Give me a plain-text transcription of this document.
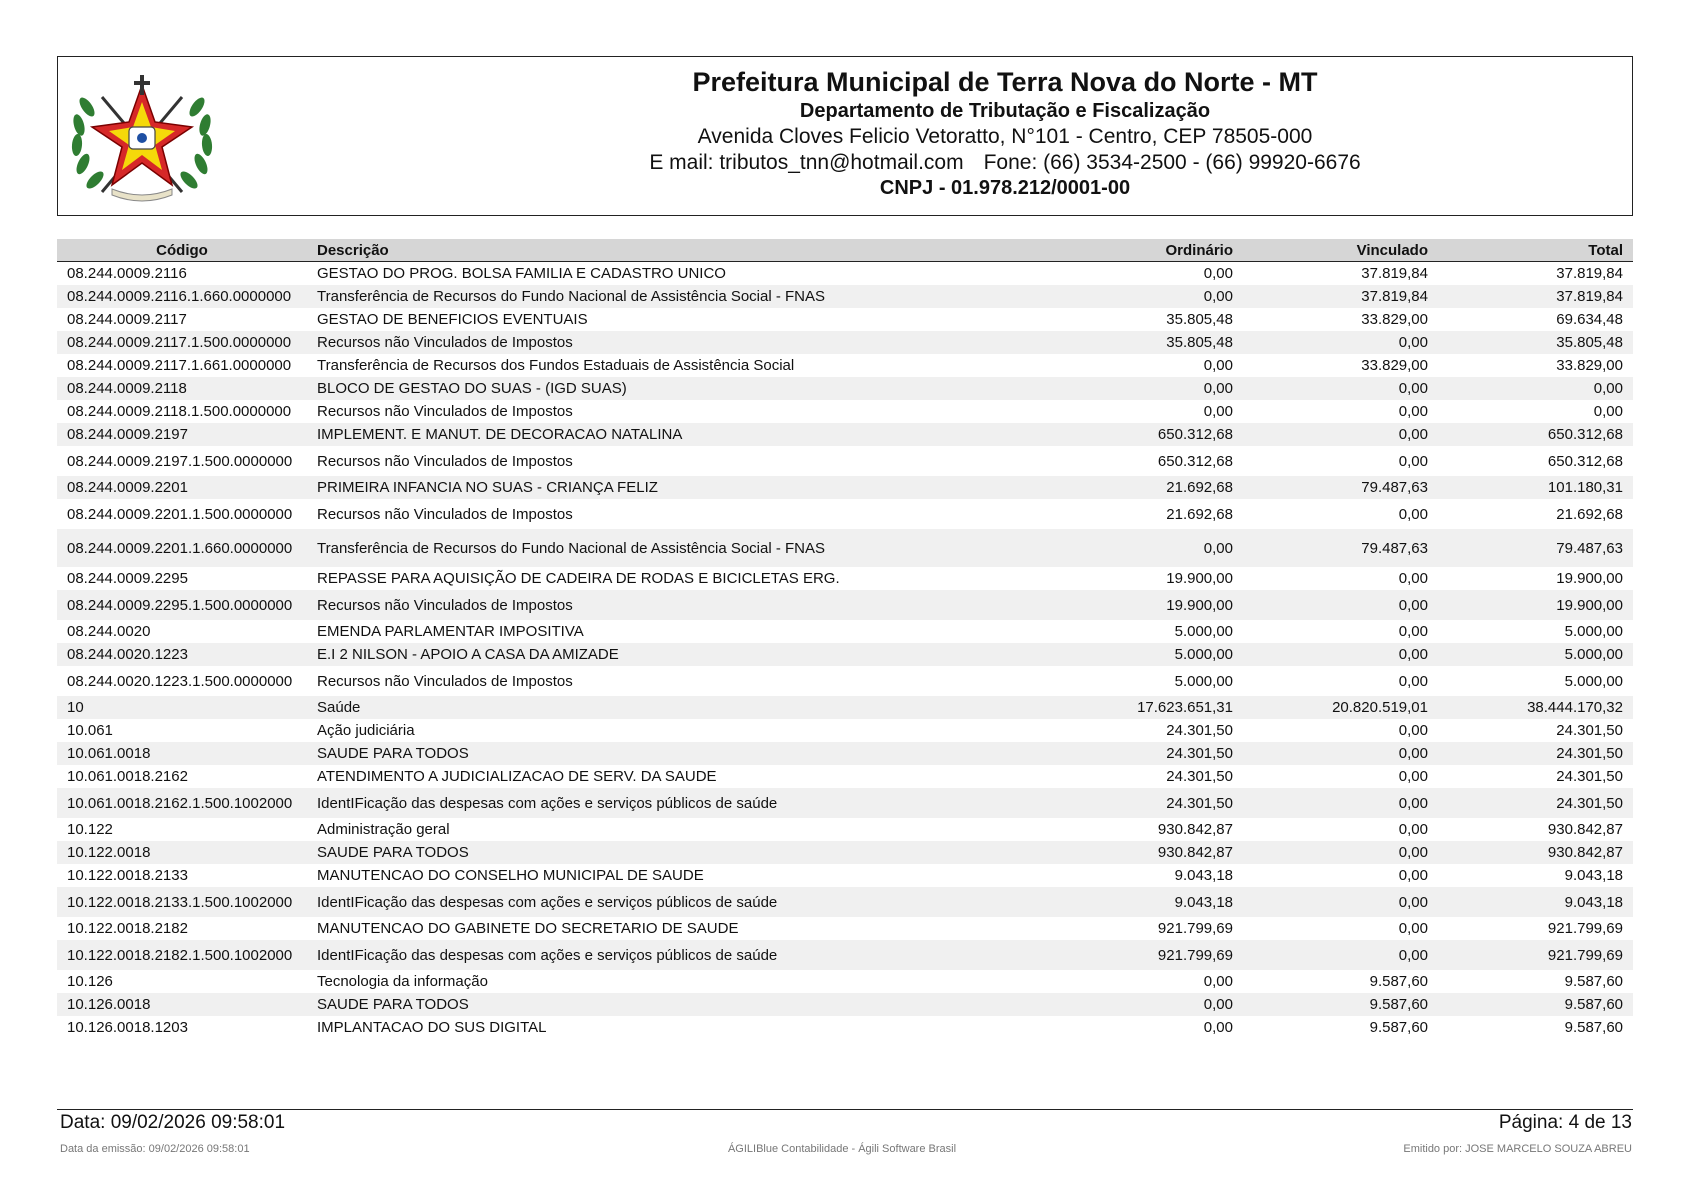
Prefeitura Municipal de Terra Nova do Norte - MT
Departamento de Tributação e Fiscalização
Avenida Cloves Felicio Vetoratto, N°101 - Centro, CEP 78505-000
E mail: tributos_tnn@hotmail.com Fone: (66) 3534-2500 - (66) 99920-6676
CNPJ - 01.978.212/0001-00
Código	Descrição	Ordinário	Vinculado	Total
08.244.0009.2116	GESTAO DO PROG. BOLSA FAMILIA E CADASTRO UNICO	0,00	37.819,84	37.819,84
08.244.0009.2116.1.660.0000000	Transferência de Recursos do Fundo Nacional de Assistência Social - FNAS	0,00	37.819,84	37.819,84
08.244.0009.2117	GESTAO DE BENEFICIOS EVENTUAIS	35.805,48	33.829,00	69.634,48
08.244.0009.2117.1.500.0000000	Recursos não Vinculados de Impostos	35.805,48	0,00	35.805,48
08.244.0009.2117.1.661.0000000	Transferência de Recursos dos Fundos Estaduais de Assistência Social	0,00	33.829,00	33.829,00
08.244.0009.2118	BLOCO DE GESTAO DO SUAS - (IGD SUAS)	0,00	0,00	0,00
08.244.0009.2118.1.500.0000000	Recursos não Vinculados de Impostos	0,00	0,00	0,00
08.244.0009.2197	IMPLEMENT. E MANUT. DE DECORACAO NATALINA	650.312,68	0,00	650.312,68
08.244.0009.2197.1.500.0000000	Recursos não Vinculados de Impostos	650.312,68	0,00	650.312,68
08.244.0009.2201	PRIMEIRA INFANCIA NO SUAS - CRIANÇA FELIZ	21.692,68	79.487,63	101.180,31
08.244.0009.2201.1.500.0000000	Recursos não Vinculados de Impostos	21.692,68	0,00	21.692,68
08.244.0009.2201.1.660.0000000	Transferência de Recursos do Fundo Nacional de Assistência Social - FNAS	0,00	79.487,63	79.487,63
08.244.0009.2295	REPASSE PARA AQUISIÇÃO DE CADEIRA DE RODAS E BICICLETAS ERG.	19.900,00	0,00	19.900,00
08.244.0009.2295.1.500.0000000	Recursos não Vinculados de Impostos	19.900,00	0,00	19.900,00
08.244.0020	EMENDA PARLAMENTAR IMPOSITIVA	5.000,00	0,00	5.000,00
08.244.0020.1223	E.I 2 NILSON - APOIO A CASA DA AMIZADE	5.000,00	0,00	5.000,00
08.244.0020.1223.1.500.0000000	Recursos não Vinculados de Impostos	5.000,00	0,00	5.000,00
10	Saúde	17.623.651,31	20.820.519,01	38.444.170,32
10.061	Ação judiciária	24.301,50	0,00	24.301,50
10.061.0018	SAUDE PARA TODOS	24.301,50	0,00	24.301,50
10.061.0018.2162	ATENDIMENTO A JUDICIALIZACAO DE SERV. DA SAUDE	24.301,50	0,00	24.301,50
10.061.0018.2162.1.500.1002000	IdentIFicação das despesas com ações e serviços públicos de saúde	24.301,50	0,00	24.301,50
10.122	Administração geral	930.842,87	0,00	930.842,87
10.122.0018	SAUDE PARA TODOS	930.842,87	0,00	930.842,87
10.122.0018.2133	MANUTENCAO DO CONSELHO MUNICIPAL DE SAUDE	9.043,18	0,00	9.043,18
10.122.0018.2133.1.500.1002000	IdentIFicação das despesas com ações e serviços públicos de saúde	9.043,18	0,00	9.043,18
10.122.0018.2182	MANUTENCAO DO GABINETE DO SECRETARIO DE SAUDE	921.799,69	0,00	921.799,69
10.122.0018.2182.1.500.1002000	IdentIFicação das despesas com ações e serviços públicos de saúde	921.799,69	0,00	921.799,69
10.126	Tecnologia da informação	0,00	9.587,60	9.587,60
10.126.0018	SAUDE PARA TODOS	0,00	9.587,60	9.587,60
10.126.0018.1203	IMPLANTACAO DO SUS DIGITAL	0,00	9.587,60	9.587,60
Data: 09/02/2026 09:58:01	Página: 4 de 13
Data da emissão: 09/02/2026 09:58:01	ÁGILIBlue Contabilidade - Ágili Software Brasil	Emitido por: JOSE MARCELO SOUZA ABREU
